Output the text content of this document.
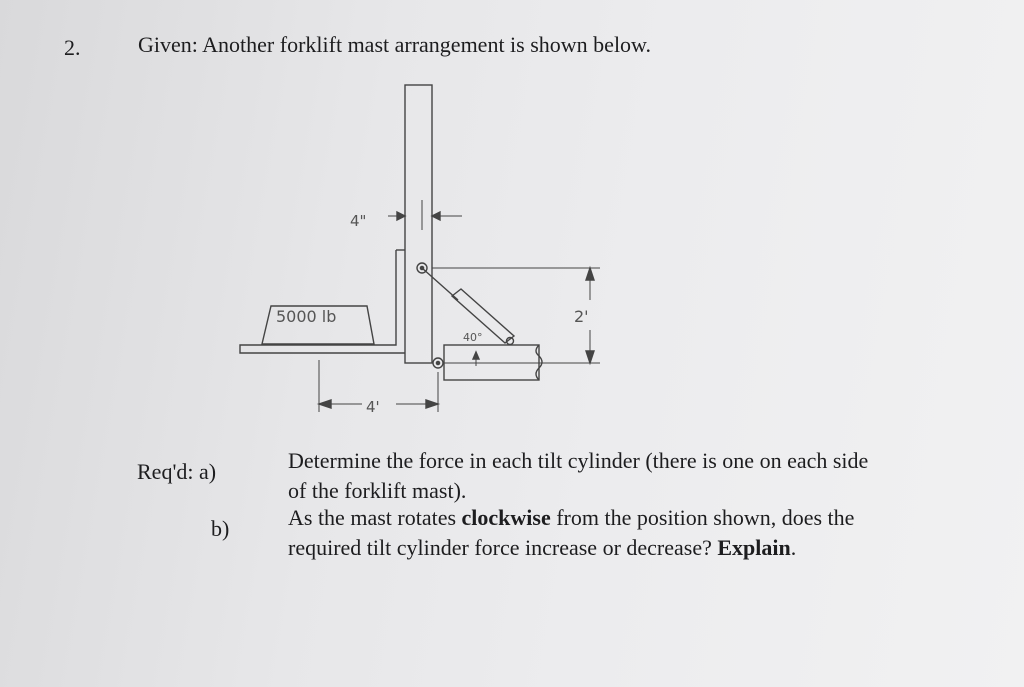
2.	Given: Another forklift mast arrangement is shown below.
5000 lb
4"
4'
2'
40°
Req'd: a)	Determine the force in each tilt cylinder (there is one on each side
of the forklift mast).
b)	As the mast rotates clockwise from the position shown, does the
required tilt cylinder force increase or decrease? Explain.
